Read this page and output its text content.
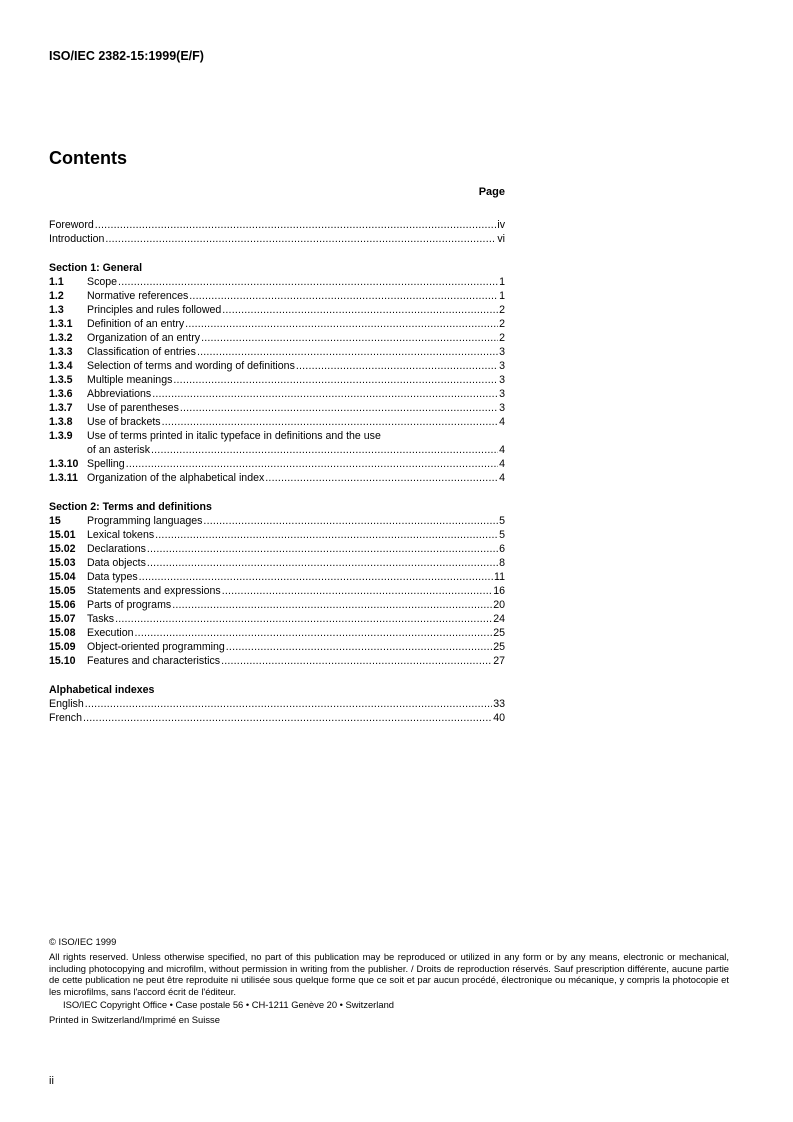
ISO/IEC 2382-15:1999(E/F)
Contents
Page
Foreword .....	iv
Introduction .....	vi
Section 1: General
1.1	Scope .....	1
1.2	Normative references .....	1
1.3	Principles and rules followed .....	2
1.3.1	Definition of an entry .....	2
1.3.2	Organization of an entry .....	2
1.3.3	Classification of entries .....	3
1.3.4	Selection of terms and wording of definitions .....	3
1.3.5	Multiple meanings .....	3
1.3.6	Abbreviations .....	3
1.3.7	Use of parentheses .....	3
1.3.8	Use of brackets .....	4
1.3.9	Use of terms printed in italic typeface in definitions and the use
of an asterisk .....	4
1.3.10 Spelling .....	4
1.3.11 Organization of the alphabetical index .....	4
Section 2: Terms and definitions
15	Programming languages .....	5
15.01	Lexical tokens .....	5
15.02	Declarations .....	6
15.03	Data objects .....	8
15.04	Data types .....	11
15.05	Statements and expressions .....	16
15.06	Parts of programs .....	20
15.07	Tasks .....	24
15.08	Execution .....	25
15.09	Object-oriented programming .....	25
15.10	Features and characteristics .....	27
Alphabetical indexes
English .....	33
French .....	40
© ISO/IEC 1999
All rights reserved. Unless otherwise specified, no part of this publication may be reproduced or utilized in any form or by any means, electronic or mechanical, including photocopying and microfilm, without permission in writing from the publisher. / Droits de reproduction réservés. Sauf prescription différente, aucune partie de cette publication ne peut être reproduite ni utilisée sous quelque forme que ce soit et par aucun procédé, électronique ou mécanique, y compris la photocopie et les microfilms, sans l'accord écrit de l'éditeur.
ISO/IEC Copyright Office • Case postale 56 • CH-1211 Genève 20 • Switzerland
Printed in Switzerland/Imprimé en Suisse
ii
